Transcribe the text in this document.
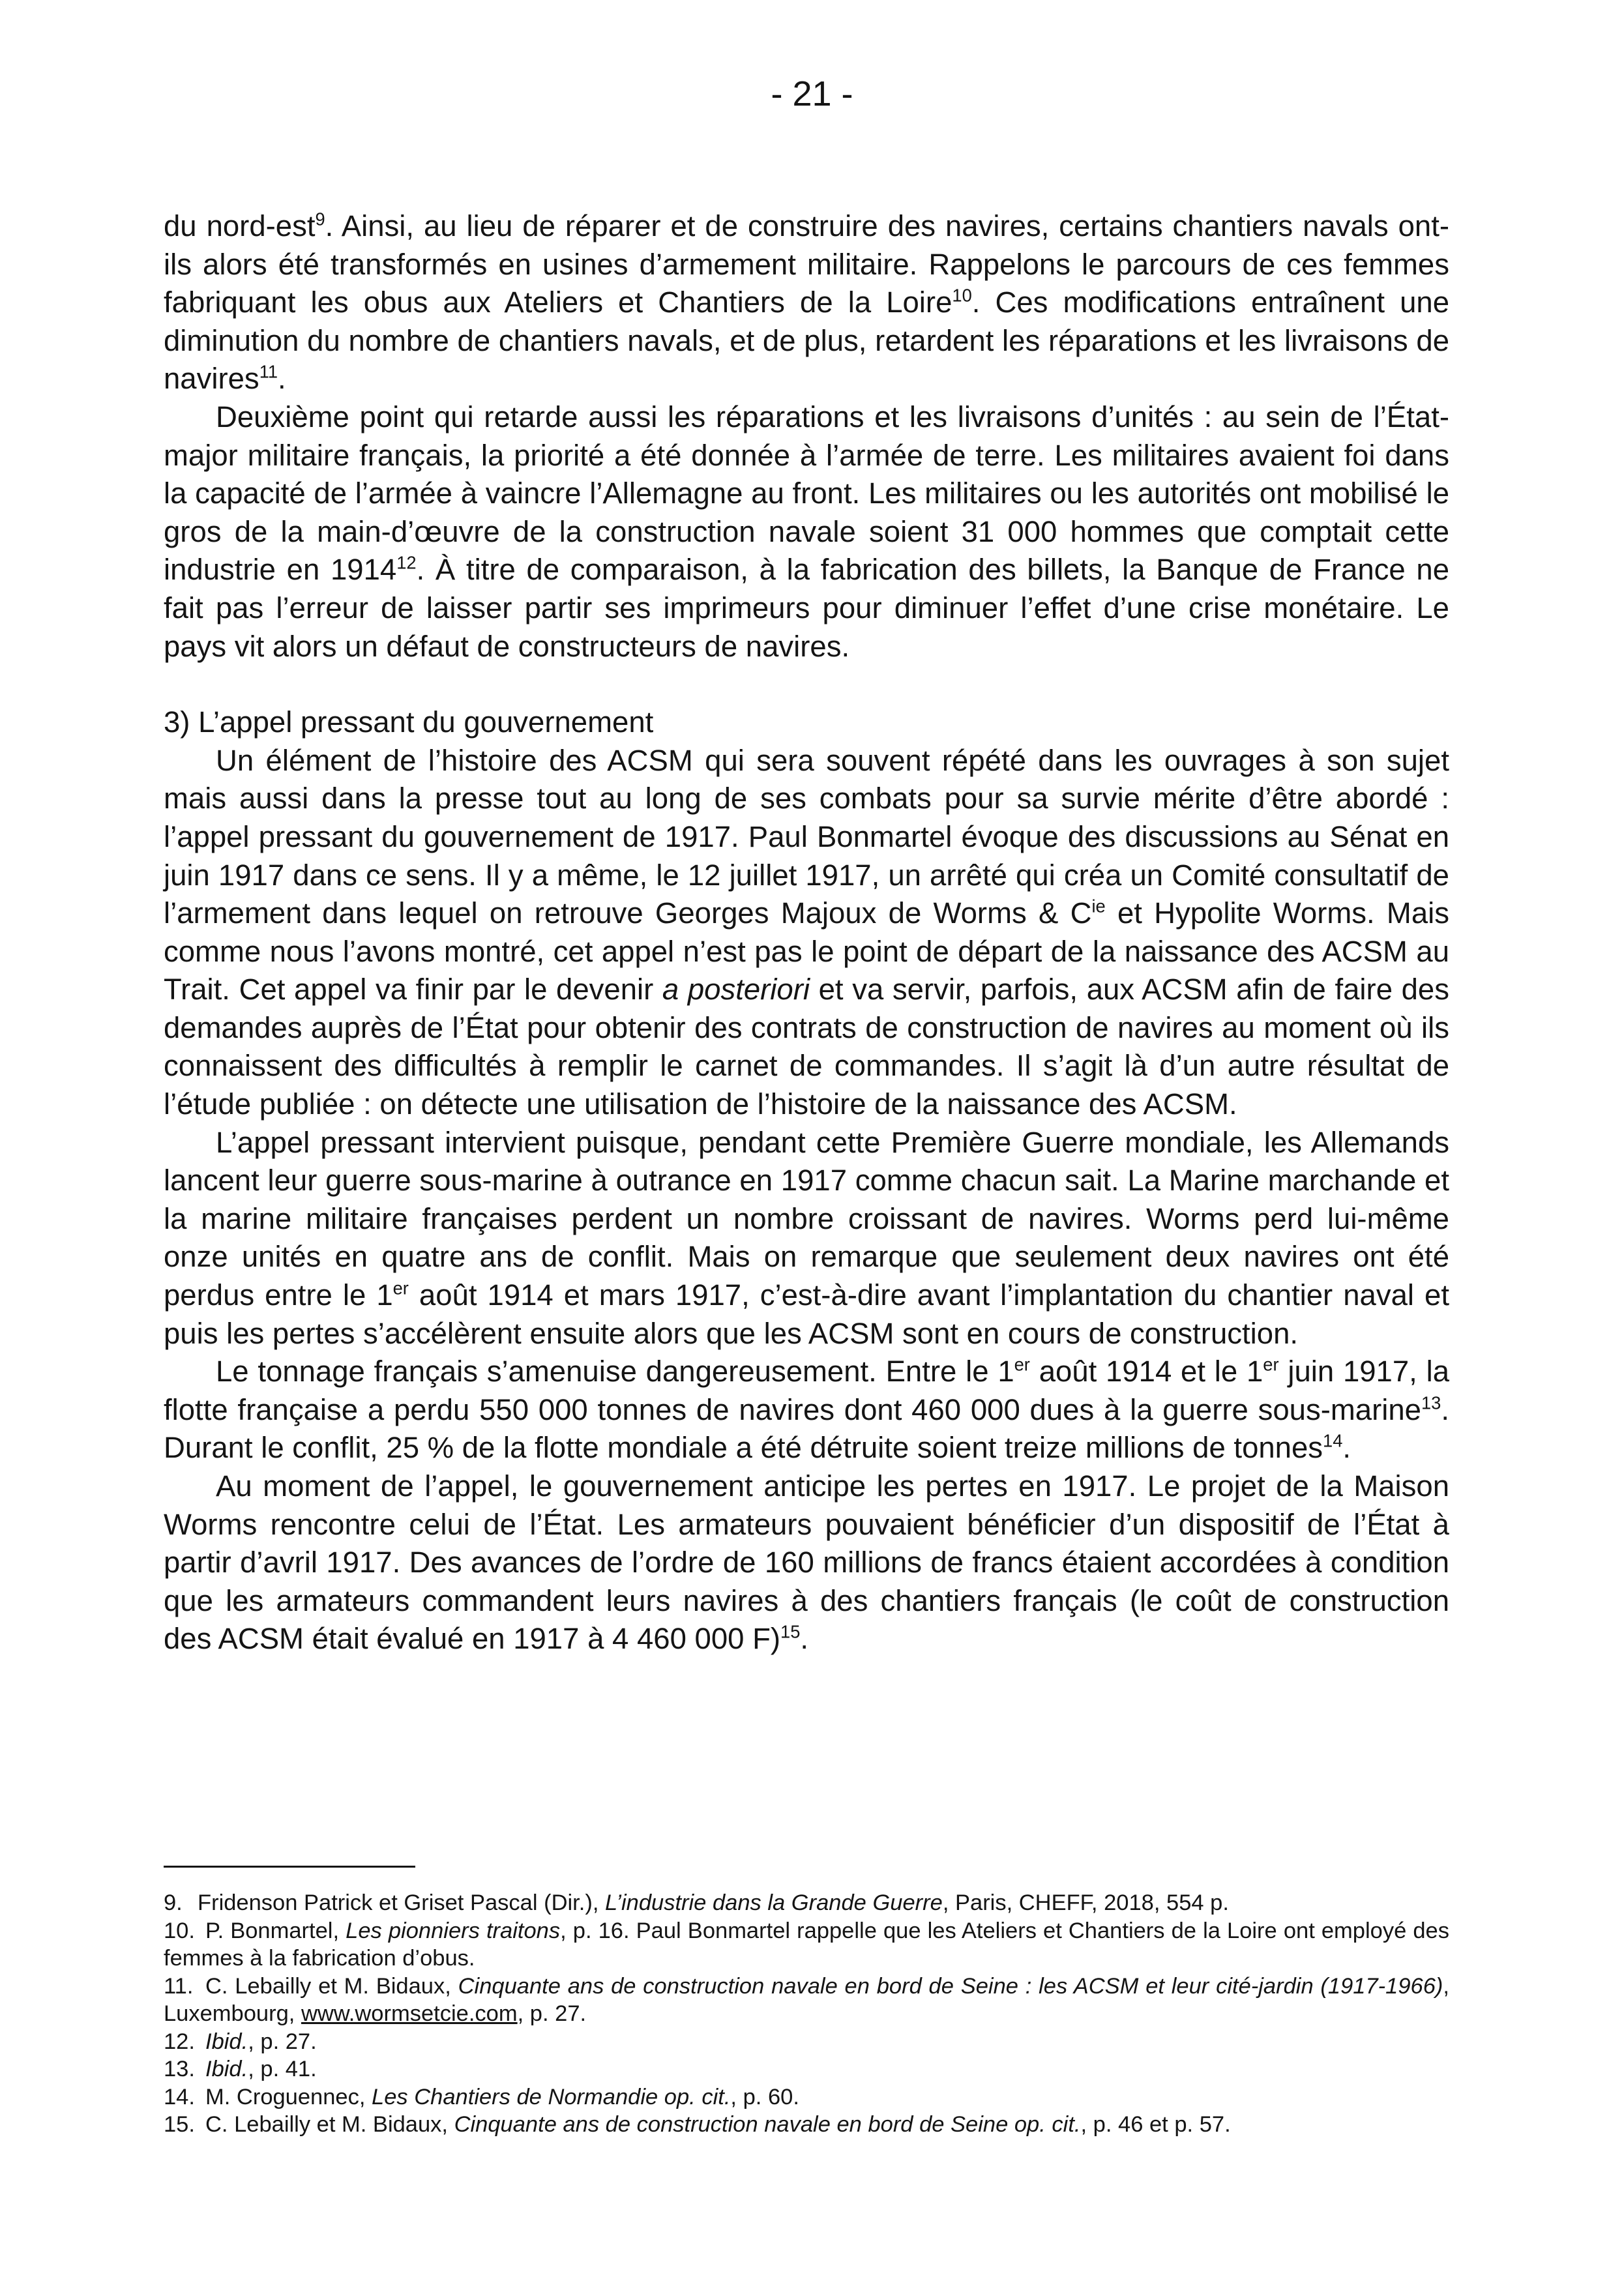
- 21 -

du nord-est$^9$. Ainsi, au lieu de réparer et de construire des navires, certains chantiers navals ont-ils alors été transformés en usines d’armement militaire. Rappelons le parcours de ces femmes fabriquant les obus aux Ateliers et Chantiers de la Loire$^{10}$. Ces modifications entraînent une diminution du nombre de chantiers navals, et de plus, retardent les réparations et les livraisons de navires$^{11}$.

Deuxième point qui retarde aussi les réparations et les livraisons d’unités : au sein de l’État-major militaire français, la priorité a été donnée à l’armée de terre. Les militaires avaient foi dans la capacité de l’armée à vaincre l’Allemagne au front. Les militaires ou les autorités ont mobilisé le gros de la main-d’œuvre de la construction navale soient 31 000 hommes que comptait cette industrie en 1914$^{12}$. À titre de comparaison, à la fabrication des billets, la Banque de France ne fait pas l’erreur de laisser partir ses imprimeurs pour diminuer l’effet d’une crise monétaire. Le pays vit alors un défaut de constructeurs de navires.

3) L’appel pressant du gouvernement

Un élément de l’histoire des ACSM qui sera souvent répété dans les ouvrages à son sujet mais aussi dans la presse tout au long de ses combats pour sa survie mérite d’être abordé : l’appel pressant du gouvernement de 1917. Paul Bonmartel évoque des discussions au Sénat en juin 1917 dans ce sens. Il y a même, le 12 juillet 1917, un arrêté qui créa un Comité consultatif de l’armement dans lequel on retrouve Georges Majoux de Worms & $C^{ie}$ et Hypolite Worms. Mais comme nous l’avons montré, cet appel n’est pas le point de départ de la naissance des ACSM au Trait. Cet appel va finir par le devenir a posteriori et va servir, parfois, aux ACSM afin de faire des demandes auprès de l’État pour obtenir des contrats de construction de navires au moment où ils connaissent des difficultés à remplir le carnet de commandes. Il s’agit là d’un autre résultat de l’étude publiée : on détecte une utilisation de l’histoire de la naissance des ACSM.

L’appel pressant intervient puisque, pendant cette Première Guerre mondiale, les Allemands lancent leur guerre sous-marine à outrance en 1917 comme chacun sait. La Marine marchande et la marine militaire françaises perdent un nombre croissant de navires. Worms perd lui-même onze unités en quatre ans de conflit. Mais on remarque que seulement deux navires ont été perdus entre le 1er août 1914 et mars 1917, c’est-à-dire avant l’implantation du chantier naval et puis les pertes s’accélèrent ensuite alors que les ACSM sont en cours de construction.

Le tonnage français s’amenuise dangereusement. Entre le 1er août 1914 et le 1er juin 1917, la flotte française a perdu 550 000 tonnes de navires dont 460 000 dues à la guerre sous-marine$^{13}$. Durant le conflit, 25 % de la flotte mondiale a été détruite soient treize millions de tonnes$^{14}$.

Au moment de l’appel, le gouvernement anticipe les pertes en 1917. Le projet de la Maison Worms rencontre celui de l’État. Les armateurs pouvaient bénéficier d’un dispositif de l’État à partir d’avril 1917. Des avances de l’ordre de 160 millions de francs étaient accordées à condition que les armateurs commandent leurs navires à des chantiers français (le coût de construction des ACSM était évalué en 1917 à 4 460 000 F)$^{15}$.

9. Fridenson Patrick et Griset Pascal (Dir.), L’industrie dans la Grande Guerre, Paris, CHEFF, 2018, 554 p.

10. P. Bonmartel, Les pionniers traitons, p. 16. Paul Bonmartel rappelle que les Ateliers et Chantiers de la Loire ont employé des femmes à la fabrication d’obus.

11. C. Lebailly et M. Bidaux, Cinquante ans de construction navale en bord de Seine : les ACSM et leur cité-jardin (1917-1966), Luxembourg, www.wormsetcie.com, p. 27.

12. Ibid., p. 27.

13. Ibid., p. 41.

14. M. Croguennec, Les Chantiers de Normandie op. cit., p. 60.

15. C. Lebailly et M. Bidaux, Cinquante ans de construction navale en bord de Seine op. cit., p. 46 et p. 57.
